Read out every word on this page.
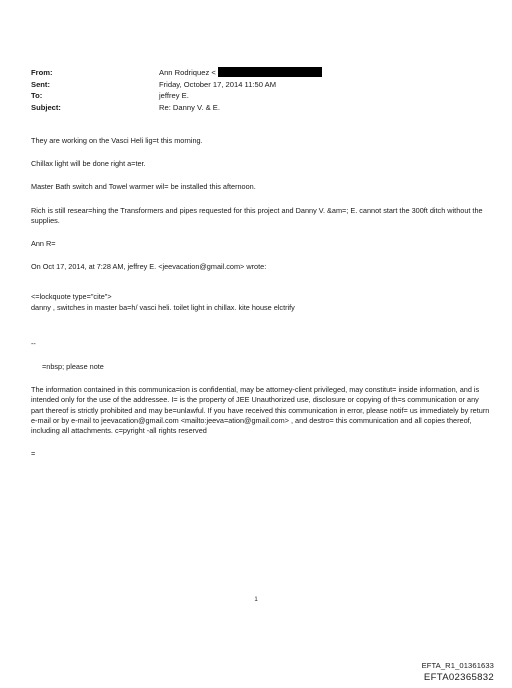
From:	Ann Rodriquez <
Sent:	Friday, October 17, 2014 11:50 AM
To:	jeffrey E.
Subject:	Re: Danny V. & E.

They are working on the Vasci Heli lig=t this morning.

Chillax light will be done right a=ter.

Master Bath switch and Towel warmer wil= be installed this afternoon.

Rich is still resear=hing the Transformers and pipes requested for this project and Danny V. &am=; E. cannot start the 300ft ditch without the supplies.

Ann R=

On Oct 17, 2014, at 7:28 AM, jeffrey E. <jeevacation@gmail.com> wrote:

<=lockquote type="cite">

danny , switches in master ba=h/ vasci heli. toilet light in chillax. kite house elctrify

--

=nbsp; please note

The information contained in this communica=ion is confidential, may be attorney-client privileged, may constitut= inside information, and is intended only for the use of the addressee. I= is the property of JEE Unauthorized use, disclosure or copying of th=s communication or any part thereof is strictly prohibited and may be=unlawful. If you have received this communication in error, please notif= us immediately by return e-mail or by e-mail to jeevacation@gmail.com <mailto:jeeva=ation@gmail.com> , and destro= this communication and all copies thereof, including all attachments. c=pyright -all rights reserved

=

1
EFTA_R1_01361633
EFTA02365832
